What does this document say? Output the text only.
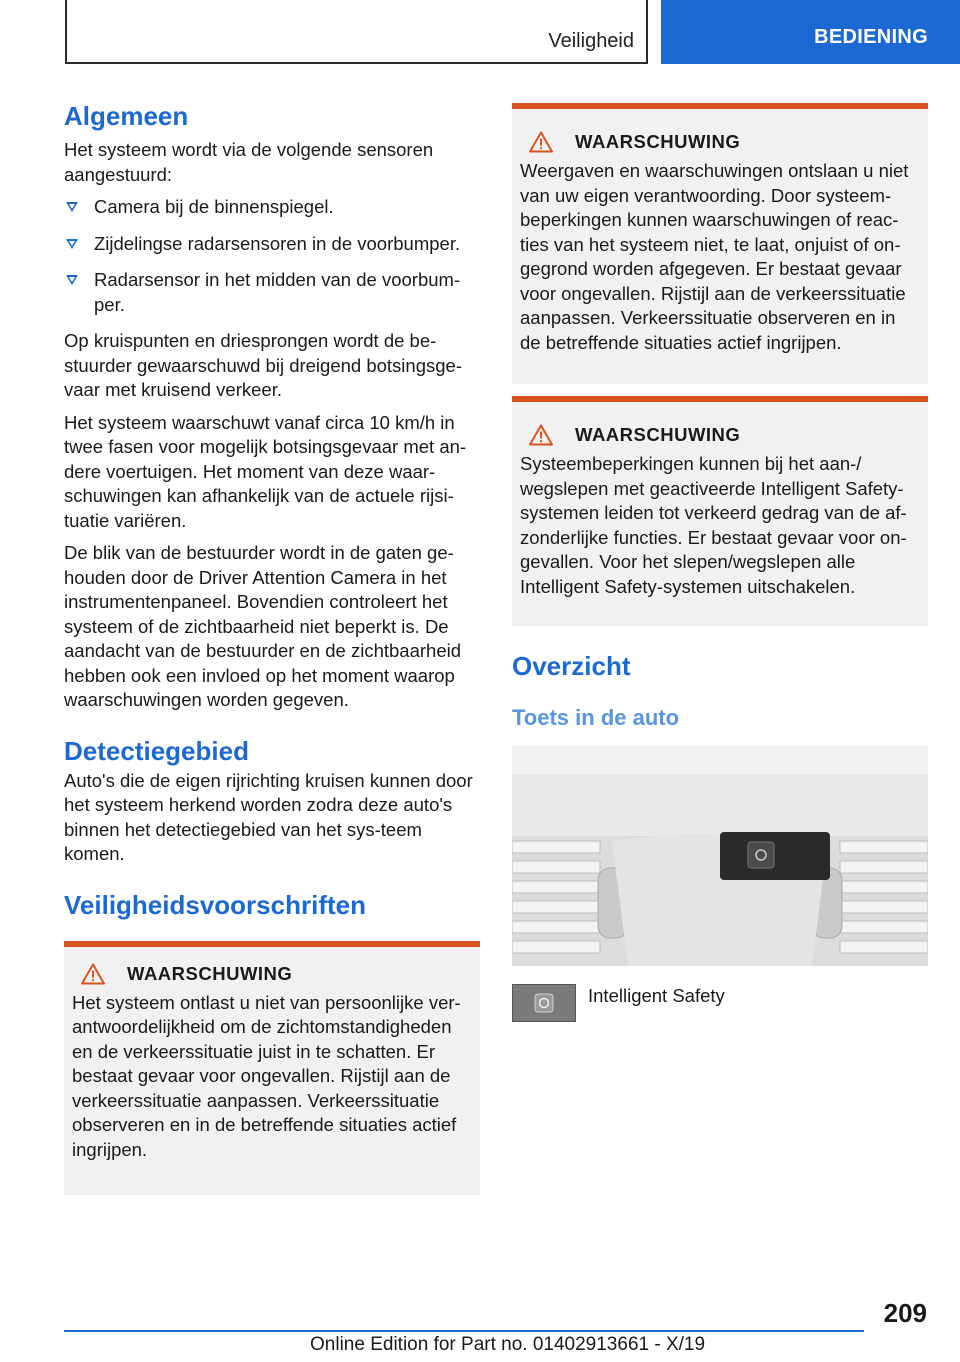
Veiligheid	BEDIENING
Algemeen

Het systeem wordt via de volgende sensoren aangestuurd:

Camera bij de binnenspiegel.
Zijdelingse radarsensoren in de voorbumper.
Radarsensor in het midden van de voorbum‐per.

Op kruispunten en driesprongen wordt de be‐stuurder gewaarschuwd bij dreigend botsingsge‐vaar met kruisend verkeer.

Het systeem waarschuwt vanaf circa 10 km/h in twee fasen voor mogelijk botsingsgevaar met an‐dere voertuigen. Het moment van deze waar‐schuwingen kan afhankelijk van de actuele rijsi‐tuatie variëren.

De blik van de bestuurder wordt in de gaten ge‐houden door de Driver Attention Camera in het instrumentenpaneel. Bovendien controleert het systeem of de zichtbaarheid niet beperkt is. De aandacht van de bestuurder en de zichtbaarheid hebben ook een invloed op het moment waarop waarschuwingen worden gegeven.

Detectiegebied

Auto's die de eigen rijrichting kruisen kunnen door het systeem herkend worden zodra deze auto's binnen het detectiegebied van het sys‐teem komen.

Veiligheidsvoorschriften
WAARSCHUWING

Het systeem ontlast u niet van persoonlijke ver‐antwoordelijkheid om de zichtomstandigheden en de verkeerssituatie juist in te schatten. Er bestaat gevaar voor ongevallen. Rijstijl aan de verkeerssituatie aanpassen. Verkeerssituatie observeren en in de betreffende situaties actief ingrijpen.

WAARSCHUWING

Weergaven en waarschuwingen ontslaan u niet van uw eigen verantwoording. Door systeem‐beperkingen kunnen waarschuwingen of reac‐ties van het systeem niet, te laat, onjuist of on‐gegrond worden afgegeven. Er bestaat gevaar voor ongevallen. Rijstijl aan de verkeerssituatie aanpassen. Verkeerssituatie observeren en in de betreffende situaties actief ingrijpen.

WAARSCHUWING

Systeembeperkingen kunnen bij het aan-/ wegslepen met geactiveerde Intelligent Safety-systemen leiden tot verkeerd gedrag van de af‐zonderlijke functies. Er bestaat gevaar voor on‐gevallen. Voor het slepen/wegslepen alle Intelligent Safety-systemen uitschakelen.

Overzicht
Toets in de auto
Intelligent Safety
209
Online Edition for Part no. 01402913661 - X/19
